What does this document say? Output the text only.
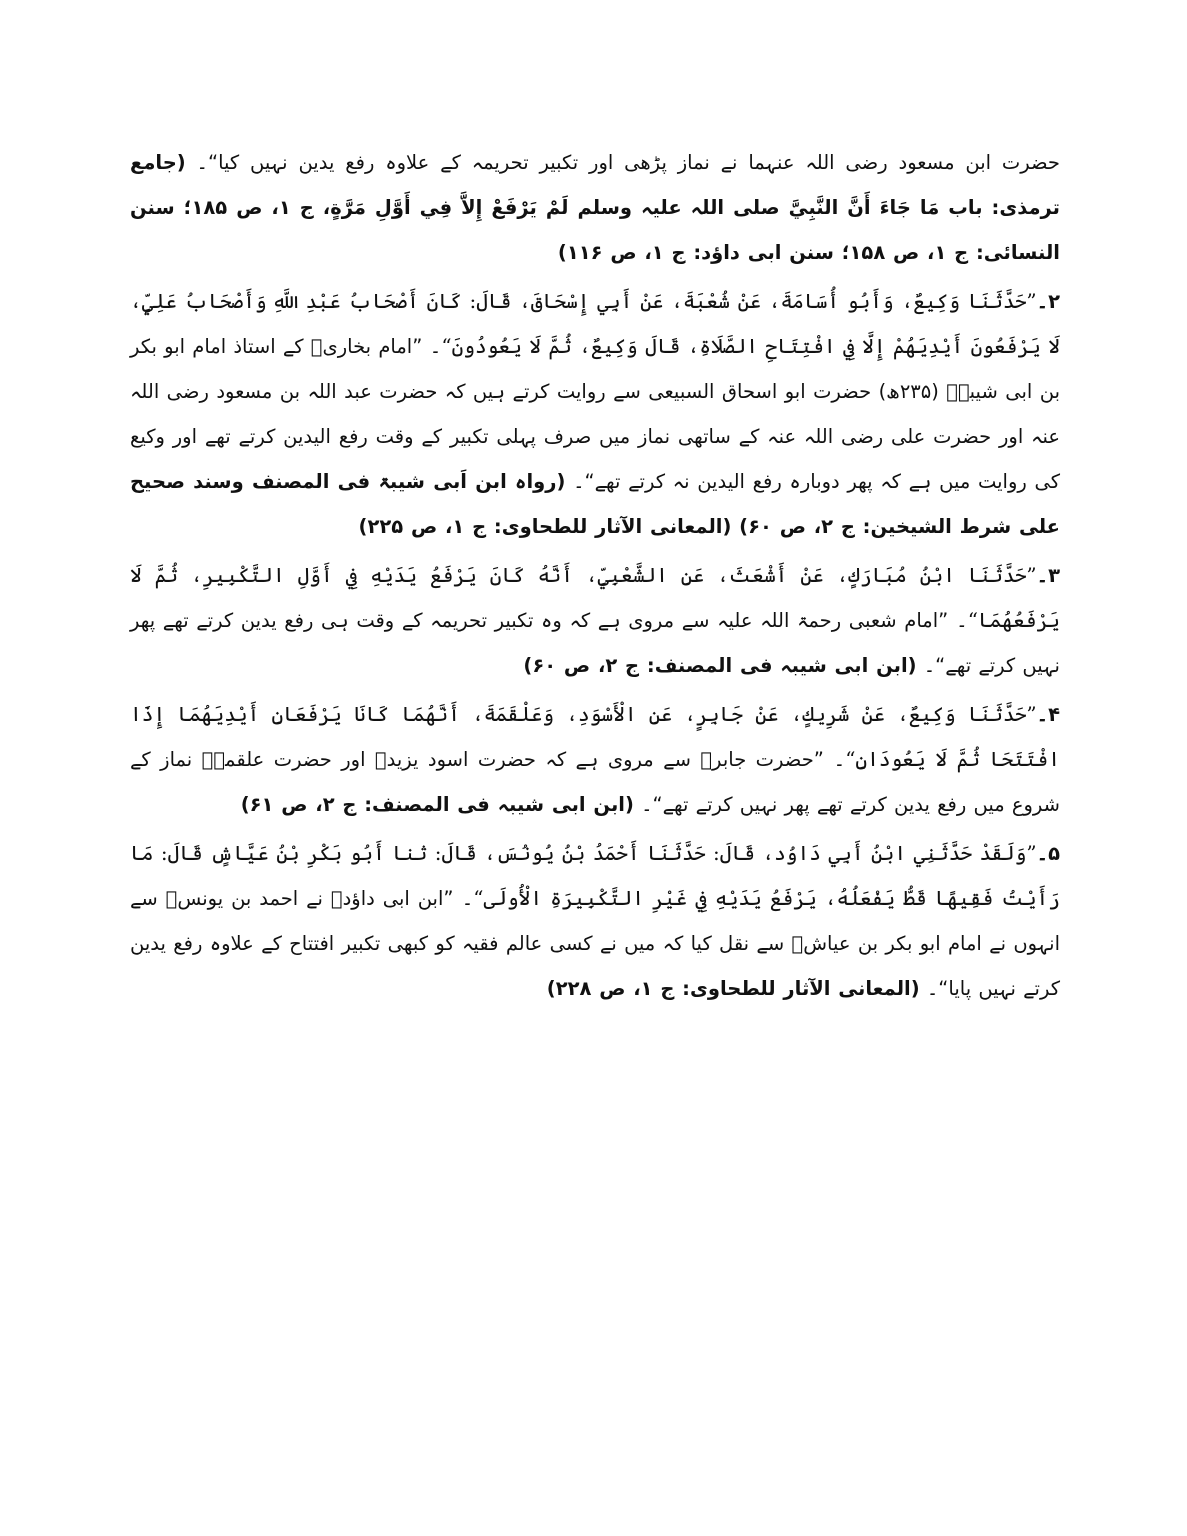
حضرت ابن مسعود رضی اللہ عنہما نے نماز پڑھی اور تکبیر تحریمہ کے علاوہ رفع یدین نہیں کیا“۔ (جامع ترمذی: باب مَا جَاءَ أَنَّ النَّبِيَّ صلی اللہ علیہ وسلم لَمْ يَرْفَعْ إِلاَّ فِي أَوَّلِ مَرَّةٍ، ج ۱، ص ۱۸۵؛ سنن النسائی: ج ۱، ص ۱۵۸؛ سنن ابی داؤد: ج ۱، ص ۱۱۶)

۲۔”حَدَّثَنَا وَكِيعٌ، وَأَبُو أُسَامَةَ، عَنْ شُعْبَةَ، عَنْ أَبِي إِسْحَاقَ، قَالَ: كَانَ أَصْحَابُ عَبْدِ اللَّهِ وَأَصْحَابُ عَلِيٍّ، لَا يَرْفَعُونَ أَيْدِيَهُمْ إِلَّا فِي افْتِتَاحِ الصَّلَاةِ، قَالَ وَكِيعٌ، ثُمَّ لَا يَعُودُونَ“۔ ”امام بخاریؒ کے استاذ امام ابو بکر بن ابی شیبہؒ (۲۳۵ھ) حضرت ابو اسحاق السبیعی سے روایت کرتے ہیں کہ حضرت عبد اللہ بن مسعود رضی اللہ عنہ اور حضرت علی رضی اللہ عنہ کے ساتھی نماز میں صرف پہلی تکبیر کے وقت رفع الیدین کرتے تھے اور وکیع کی روایت میں ہے کہ پھر دوبارہ رفع الیدین نہ کرتے تھے“۔ (رواہ ابن اَبی شیبۃ فی المصنف وسند صحیح علی شرط الشیخین: ج ۲، ص ۶۰) (المعانی الآثار للطحاوی: ج ۱، ص ۲۲۵)

۳۔”حَدَّثَنَا ابْنُ مُبَارَكٍ، عَنْ أَشْعَثَ، عَنِ الشَّعْبِيِّ، أَنَّهُ كَانَ يَرْفَعُ يَدَيْهِ فِي أَوَّلِ التَّكْبِيرِ، ثُمَّ لَا يَرْفَعُهُمَا“۔ ”امام شعبی رحمۃ اللہ علیہ سے مروی ہے کہ وہ تکبیر تحریمہ کے وقت ہی رفع یدین کرتے تھے پھر نہیں کرتے تھے“۔ (ابن ابی شیبہ فی المصنف: ج ۲، ص ۶۰)

۴۔”حَدَّثَنَا وَكِيعٌ، عَنْ شَرِيكٍ، عَنْ جَابِرٍ، عَنِ الْأَسْوَدِ، وَعَلْقَمَةَ، أَنَّهُمَا كَانَا يَرْفَعَانِ أَيْدِيَهُمَا إِذَا افْتَتَحَا ثُمَّ لَا يَعُودَانِ“۔ ”حضرت جابرؒ سے مروی ہے کہ حضرت اسود یزیدؒ اور حضرت علقمہؒ نماز کے شروع میں رفع یدین کرتے تھے پھر نہیں کرتے تھے“۔ (ابن ابی شیبہ فی المصنف: ج ۲، ص ۶۱)

۵۔”وَلَقَدْ حَدَّثَنِي ابْنُ أَبِي دَاوُد، قَالَ: حَدَّثَنَا أَحْمَدُ بْنُ يُونُسَ، قَالَ: ثنا أَبُو بَكْرِ بْنُ عَيَّاشٍ قَالَ: مَا رَأَيْتُ فَقِيهًا قَطُّ يَفْعَلُهُ، يَرْفَعُ يَدَيْهِ فِي غَيْرِ التَّكْبِيرَةِ الْأُولَى“۔ ”ابن ابی داؤدؒ نے احمد بن یونسؒ سے انہوں نے امام ابو بکر بن عیاشؒ سے نقل کیا کہ میں نے کسی عالم فقیہ کو کبھی تکبیر افتتاح کے علاوہ رفع یدین کرتے نہیں پایا“۔ (المعانی الآثار للطحاوی: ج ۱، ص ۲۲۸)
